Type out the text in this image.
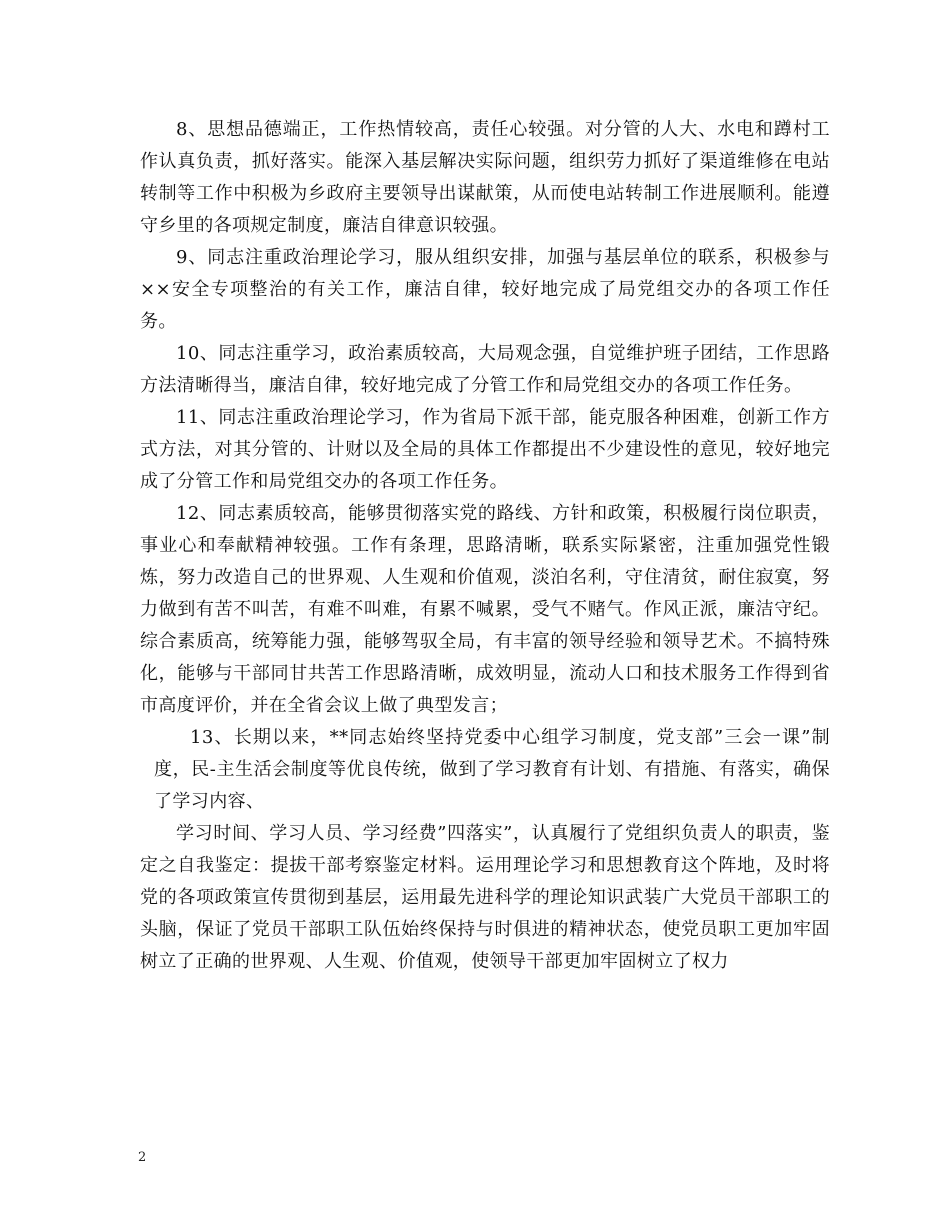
8、思想品德端正，工作热情较高，责任心较强。对分管的人大、水电和蹲村工作认真负责，抓好落实。能深入基层解决实际问题，组织劳力抓好了渠道维修在电站转制等工作中积极为乡政府主要领导出谋献策，从而使电站转制工作进展顺利。能遵守乡里的各项规定制度，廉洁自律意识较强。

9、同志注重政治理论学习，服从组织安排，加强与基层单位的联系，积极参与××安全专项整治的有关工作，廉洁自律，较好地完成了局党组交办的各项工作任务。

10、同志注重学习，政治素质较高，大局观念强，自觉维护班子团结，工作思路方法清晰得当，廉洁自律，较好地完成了分管工作和局党组交办的各项工作任务。

11、同志注重政治理论学习，作为省局下派干部，能克服各种困难，创新工作方式方法，对其分管的、计财以及全局的具体工作都提出不少建设性的意见，较好地完成了分管工作和局党组交办的各项工作任务。

12、同志素质较高，能够贯彻落实党的路线、方针和政策，积极履行岗位职责，事业心和奉献精神较强。工作有条理，思路清晰，联系实际紧密，注重加强党性锻炼，努力改造自己的世界观、人生观和价值观，淡泊名利，守住清贫，耐住寂寞，努力做到有苦不叫苦，有难不叫难，有累不喊累，受气不赌气。作风正派，廉洁守纪。综合素质高，统筹能力强，能够驾驭全局，有丰富的领导经验和领导艺术。不搞特殊化，能够与干部同甘共苦工作思路清晰，成效明显，流动人口和技术服务工作得到省市高度评价，并在全省会议上做了典型发言；

13、长期以来，**同志始终坚持党委中心组学习制度，党支部”三会一课”制度，民-主生活会制度等优良传统，做到了学习教育有计划、有措施、有落实，确保了学习内容、

学习时间、学习人员、学习经费”四落实”，认真履行了党组织负责人的职责，鉴定之自我鉴定：提拔干部考察鉴定材料。运用理论学习和思想教育这个阵地，及时将党的各项政策宣传贯彻到基层，运用最先进科学的理论知识武装广大党员干部职工的头脑，保证了党员干部职工队伍始终保持与时俱进的精神状态，使党员职工更加牢固树立了正确的世界观、人生观、价值观，使领导干部更加牢固树立了权力

2
